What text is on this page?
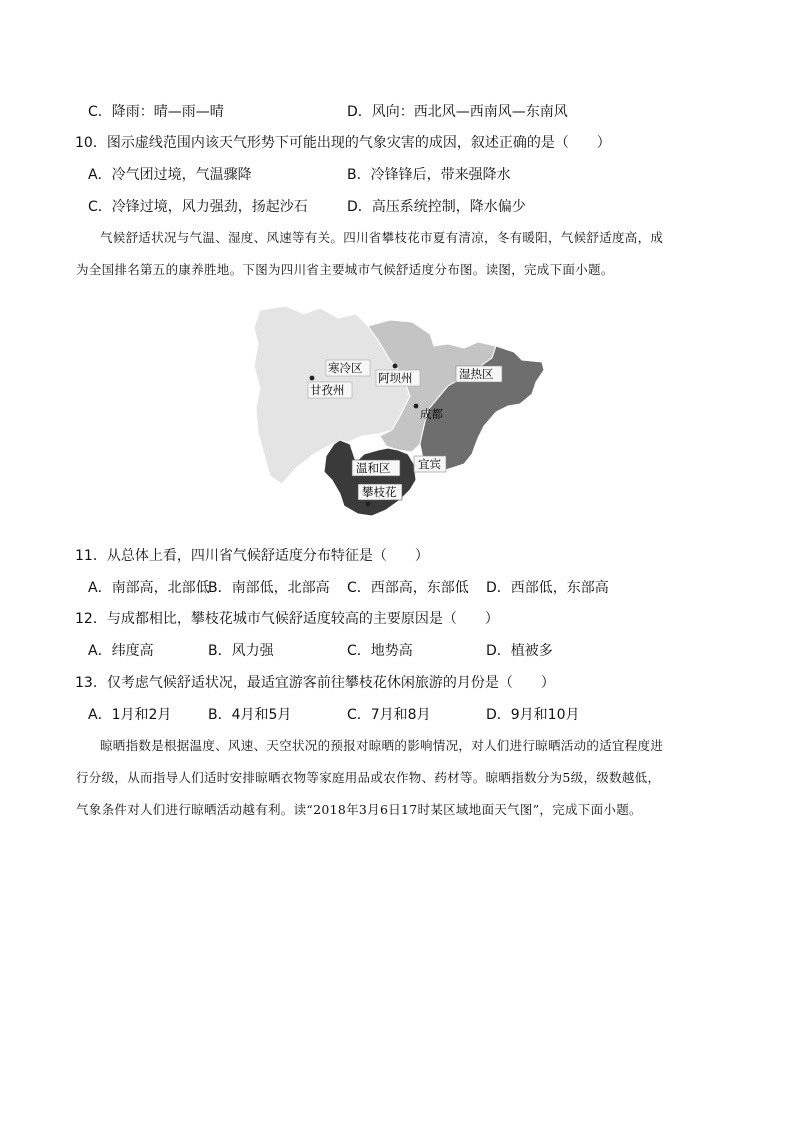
C．降雨：晴—雨—晴	D．风向：西北风—西南风—东南风
10．图示虚线范围内该天气形势下可能出现的气象灾害的成因，叙述正确的是（　　）
A．冷气团过境，气温骤降	B．冷锋锋后，带来强降水
C．冷锋过境，风力强劲，扬起沙石	D．高压系统控制，降水偏少
气候舒适状况与气温、湿度、风速等有关。四川省攀枝花市夏有清凉，冬有暖阳，气候舒适度高，成
为全国排名第五的康养胜地。下图为四川省主要城市气候舒适度分布图。读图，完成下面小题。
寒冷区
阿坝州
甘孜州
成都
湿热区
宜宾
温和区
攀枝花
11．从总体上看，四川省气候舒适度分布特征是（　　）
A．南部高，北部低
B．南部低，北部高 C．西部高，东部低 D．西部低，东部高
12．与成都相比，攀枝花城市气候舒适度较高的主要原因是（　　）
A．纬度高	B．风力强	C．地势高	D．植被多
13．仅考虑气候舒适状况，最适宜游客前往攀枝花休闲旅游的月份是（　　）
A．1月和2月	B．4月和5月	C．7月和8月	D．9月和10月
晾晒指数是根据温度、风速、天空状况的预报对晾晒的影响情况，对人们进行晾晒活动的适宜程度进
行分级，从而指导人们适时安排晾晒衣物等家庭用品或农作物、药材等。晾晒指数分为5级，级数越低，
气象条件对人们进行晾晒活动越有利。读“2018年3月6日17时某区域地面天气图”，完成下面小题。
